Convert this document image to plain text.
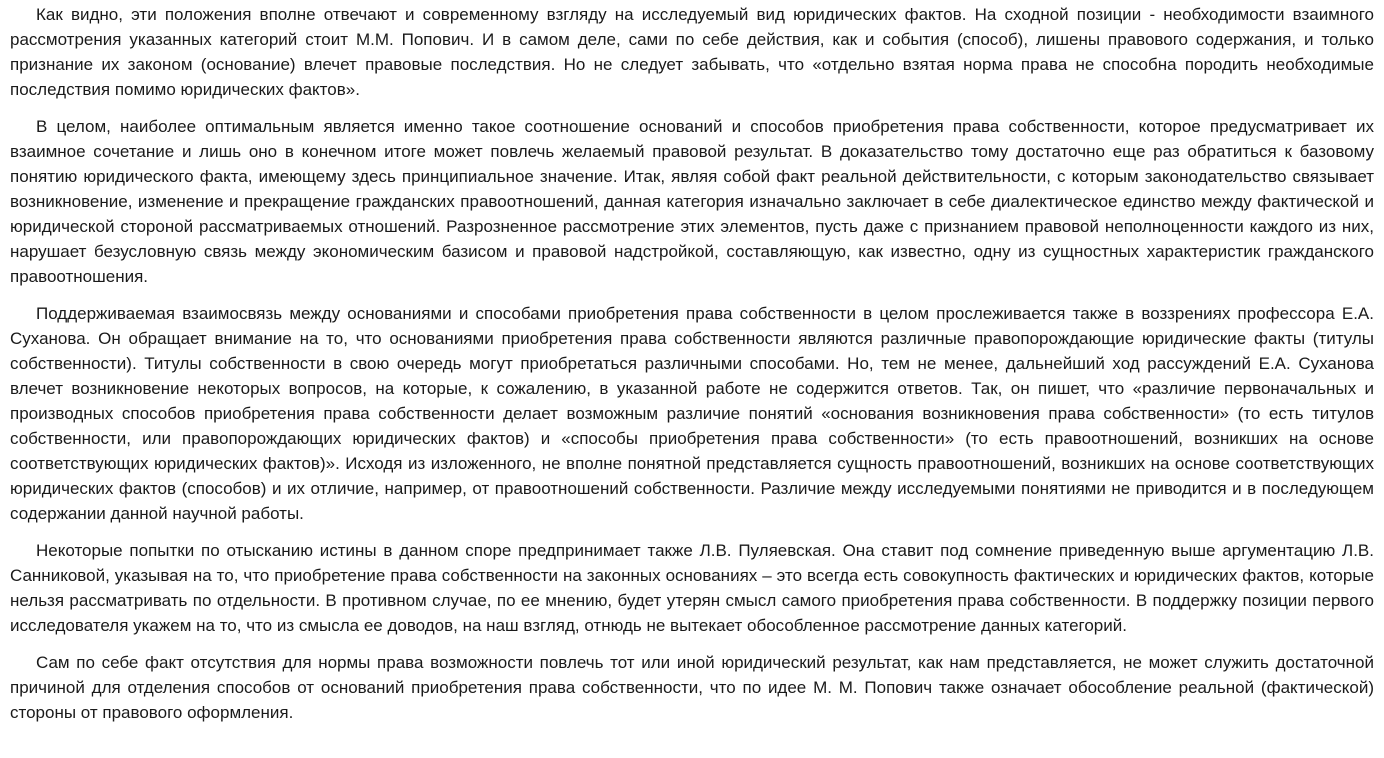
Как видно, эти положения вполне отвечают и современному взгляду на исследуемый вид юридических фактов. На сходной позиции - необходимости взаимного рассмотрения указанных категорий стоит М.М. Попович. И в самом деле, сами по себе действия, как и события (способ), лишены правового содержания, и только признание их законом (основание) влечет правовые последствия. Но не следует забывать, что «отдельно взятая норма права не способна породить необходимые последствия помимо юридических фактов».

В целом, наиболее оптимальным является именно такое соотношение оснований и способов приобретения права собственности, которое предусматривает их взаимное сочетание и лишь оно в конечном итоге может повлечь желаемый правовой результат. В доказательство тому достаточно еще раз обратиться к базовому понятию юридического факта, имеющему здесь принципиальное значение. Итак, являя собой факт реальной действительности, с которым законодательство связывает возникновение, изменение и прекращение гражданских правоотношений, данная категория изначально заключает в себе диалектическое единство между фактической и юридической стороной рассматриваемых отношений. Разрозненное рассмотрение этих элементов, пусть даже с признанием правовой неполноценности каждого из них, нарушает безусловную связь между экономическим базисом и правовой надстройкой, составляющую, как известно, одну из сущностных характеристик гражданского правоотношения.

Поддерживаемая взаимосвязь между основаниями и способами приобретения права собственности в целом прослеживается также в воззрениях профессора Е.А. Суханова. Он обращает внимание на то, что основаниями приобретения права собственности являются различные правопорождающие юридические факты (титулы собственности). Титулы собственности в свою очередь могут приобретаться различными способами. Но, тем не менее, дальнейший ход рассуждений Е.А. Суханова влечет возникновение некоторых вопросов, на которые, к сожалению, в указанной работе не содержится ответов. Так, он пишет, что «различие первоначальных и производных способов приобретения права собственности делает возможным различие понятий «основания возникновения права собственности» (то есть титулов собственности, или правопорождающих юридических фактов) и «способы приобретения права собственности» (то есть правоотношений, возникших на основе соответствующих юридических фактов)». Исходя из изложенного, не вполне понятной представляется сущность правоотношений, возникших на основе соответствующих юридических фактов (способов) и их отличие, например, от правоотношений собственности. Различие между исследуемыми понятиями не приводится и в последующем содержании данной научной работы.

Некоторые попытки по отысканию истины в данном споре предпринимает также Л.В. Пуляевская. Она ставит под сомнение приведенную выше аргументацию Л.В. Санниковой, указывая на то, что приобретение права собственности на законных основаниях – это всегда есть совокупность фактических и юридических фактов, которые нельзя рассматривать по отдельности. В противном случае, по ее мнению, будет утерян смысл самого приобретения права собственности. В поддержку позиции первого исследователя укажем на то, что из смысла ее доводов, на наш взгляд, отнюдь не вытекает обособленное рассмотрение данных категорий.

Сам по себе факт отсутствия для нормы права возможности повлечь тот или иной юридический результат, как нам представляется, не может служить достаточной причиной для отделения способов от оснований приобретения права собственности, что по идее М. М. Попович также означает обособление реальной (фактической) стороны от правового оформления.
